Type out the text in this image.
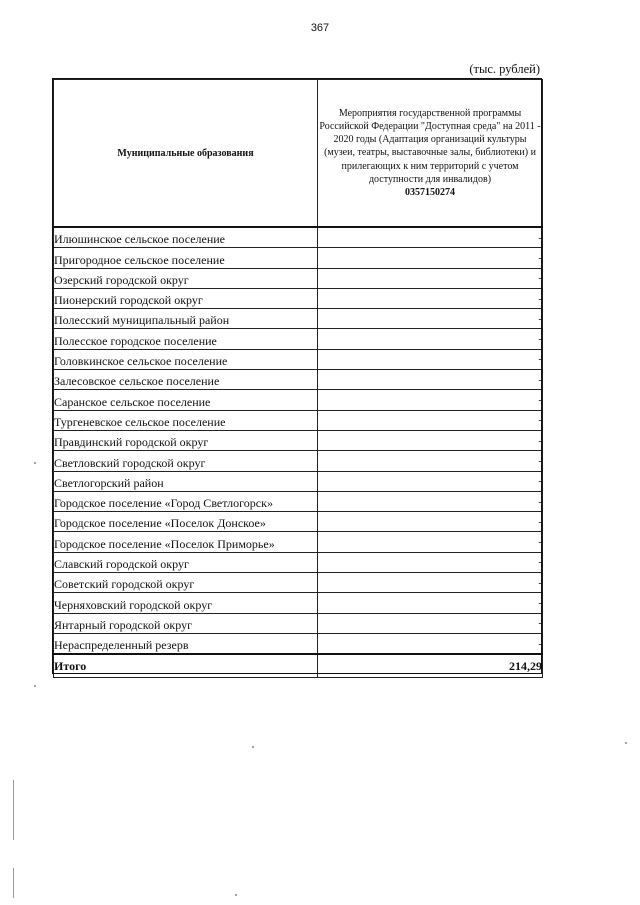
367
(тыс. рублей)
Муниципальные образования	Мероприятия государственной программы Российской Федерации "Доступная среда" на 2011 - 2020 годы (Адаптация организаций культуры (музеи, театры, выставочные залы, библиотеки) и прилегающих к ним территорий с учетом доступности для инвалидов)
0357150274

Илюшинское сельское поселение	-
Пригородное сельское поселение	-
Озерский городской округ	-
Пионерский городской округ	-
Полесский муниципальный район	-
Полесское городское поселение	-
Головкинское сельское поселение	-
Залесовское сельское поселение	-
Саранское сельское поселение	-
Тургеневское сельское поселение	-
Правдинский городской округ	-
Светловский городской округ	-
Светлогорский район	-
Городское поселение «Город Светлогорск»	-
Городское поселение «Поселок Донское»	-
Городское поселение «Поселок Приморье»	-
Славский городской округ	-
Советский городской округ	-
Черняховский городской округ	-
Янтарный городской округ	-
Нераспределенный резерв	-
Итого	214,29
